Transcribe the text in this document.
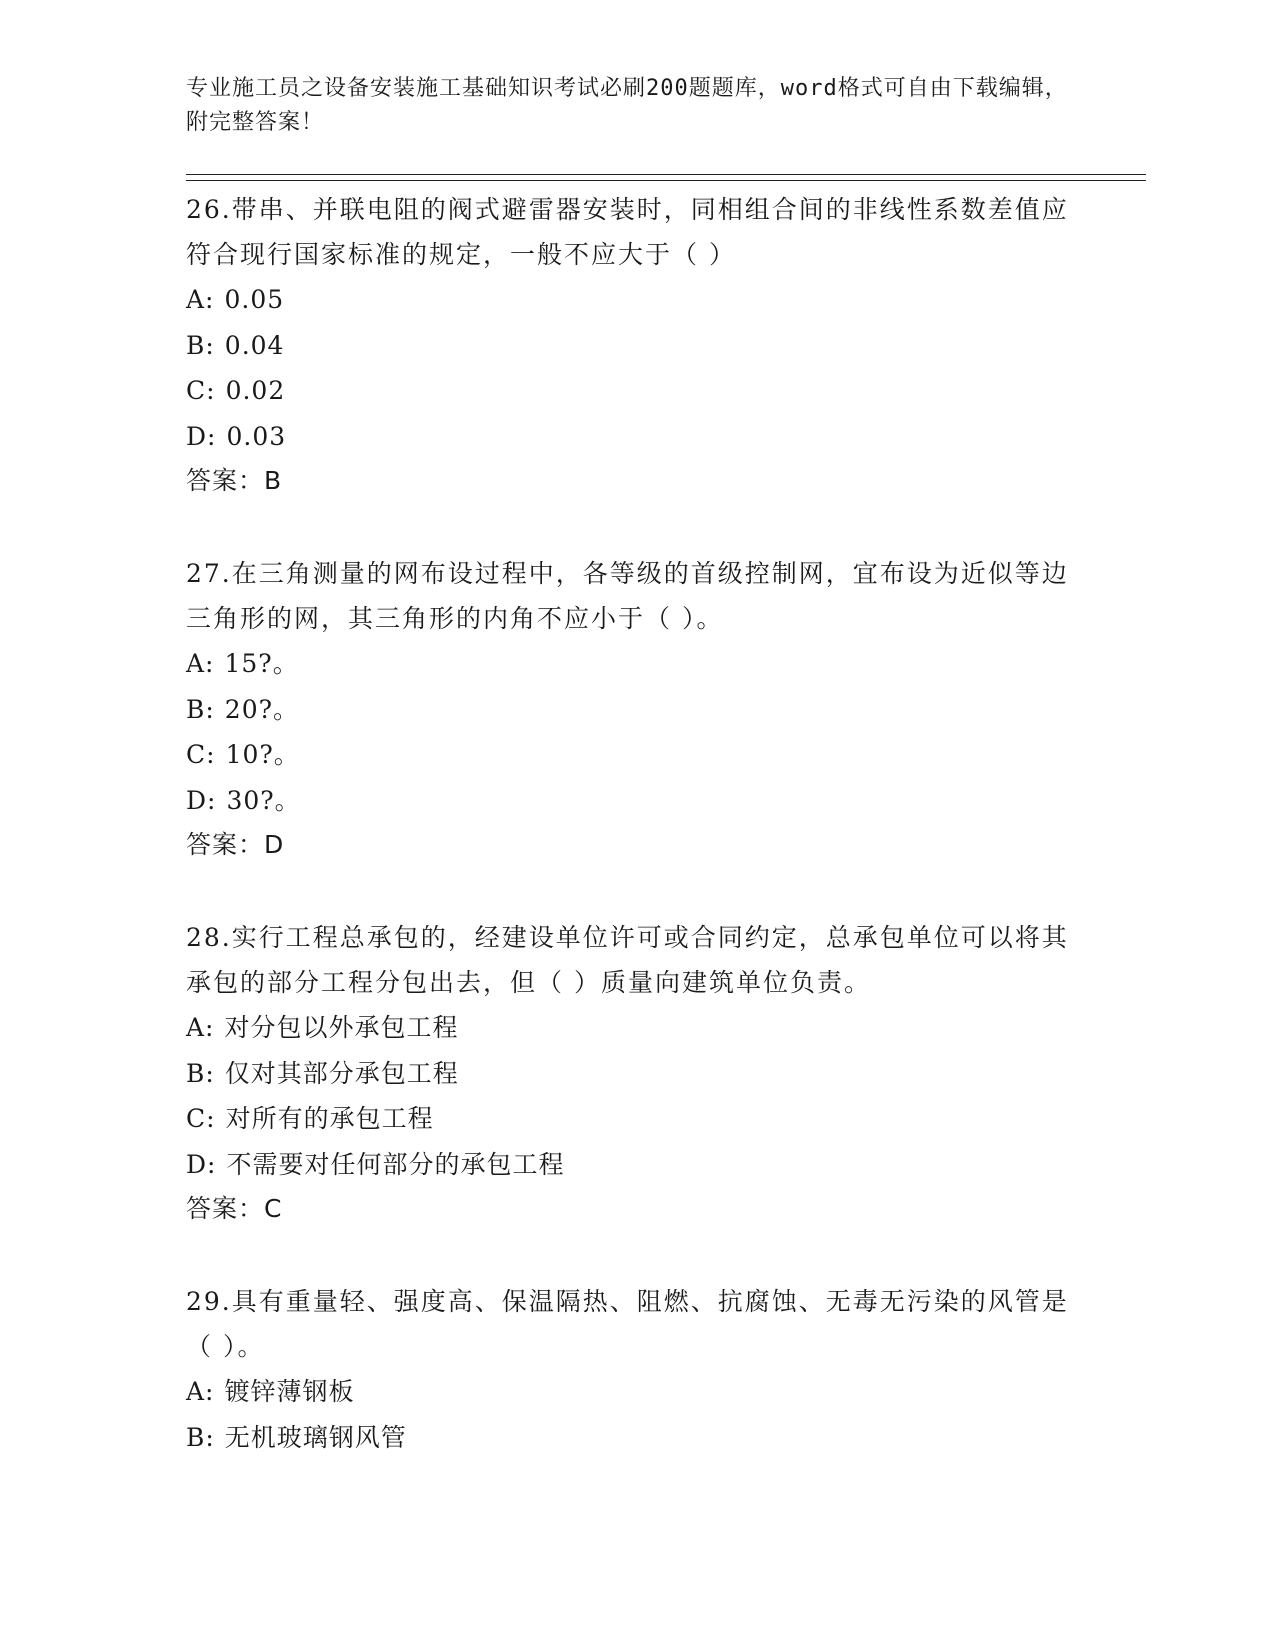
专业施工员之设备安装施工基础知识考试必刷200题题库，word格式可自由下载编辑，附完整答案！

26.带串、并联电阻的阀式避雷器安装时，同相组合间的非线性系数差值应符合现行国家标准的规定，一般不应大于（ ）

A: 0.05

B: 0.04

C: 0.02

D: 0.03

答案：B

27.在三角测量的网布设过程中，各等级的首级控制网，宜布设为近似等边三角形的网，其三角形的内角不应小于（ ）。

A: 15?。

B: 20?。

C: 10?。

D: 30?。

答案：D

28.实行工程总承包的，经建设单位许可或合同约定，总承包单位可以将其承包的部分工程分包出去，但（ ）质量向建筑单位负责。

A: 对分包以外承包工程

B: 仅对其部分承包工程

C: 对所有的承包工程

D: 不需要对任何部分的承包工程

答案：C

29.具有重量轻、强度高、保温隔热、阻燃、抗腐蚀、无毒无污染的风管是（ ）。

A: 镀锌薄钢板

B: 无机玻璃钢风管
